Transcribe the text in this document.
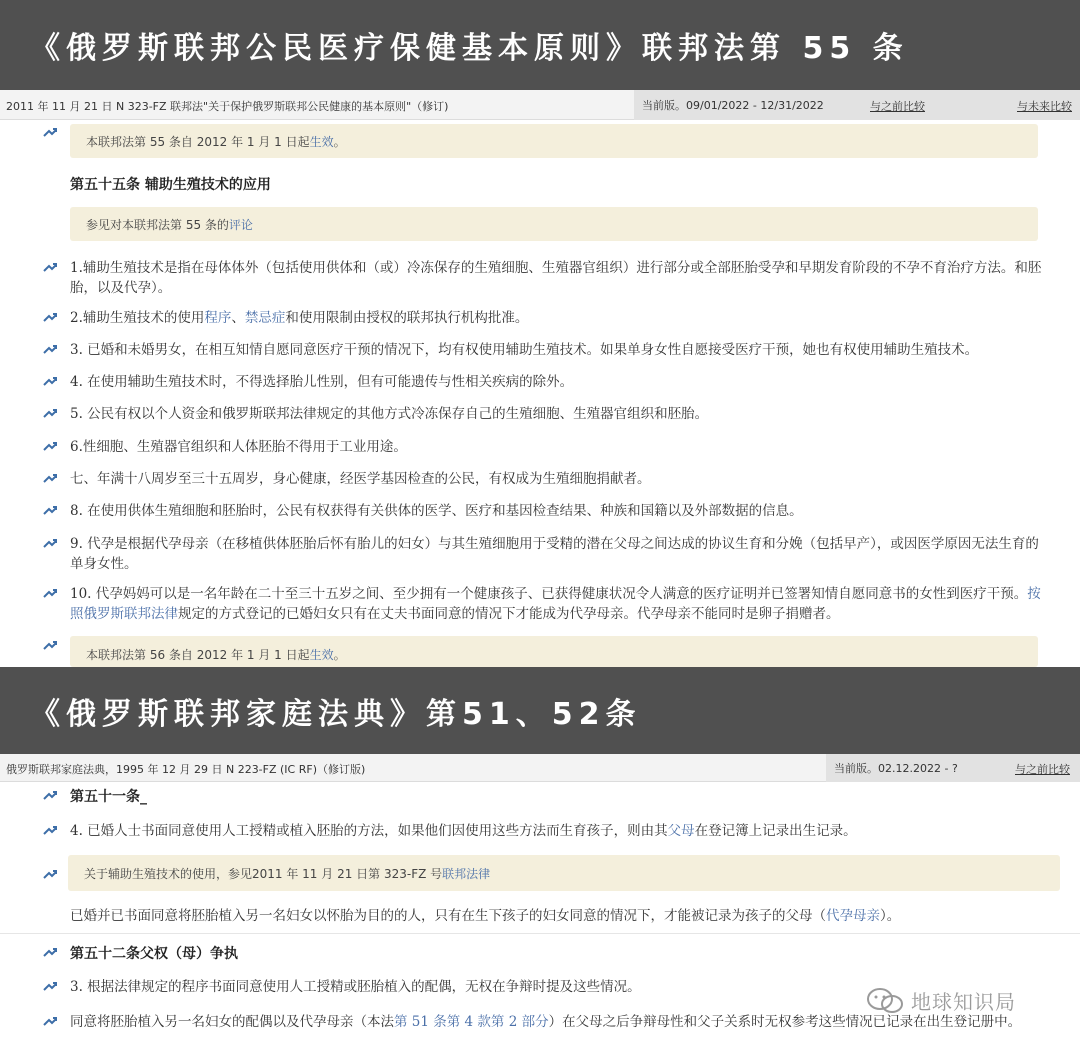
《俄罗斯联邦公民医疗保健基本原则》联邦法第 55 条
2011 年 11 月 21 日 N 323-FZ 联邦法"关于保护俄罗斯联邦公民健康的基本原则"（修订)	当前版。09/01/2022 - 12/31/2022	与之前比较	与未来比较
本联邦法第 55 条自 2012 年 1 月 1 日起 生效 。
第五十五条 辅助生殖技术的应用
参见对本联邦法第 55 条的 评论
1.辅助生殖技术是指在母体体外（包括使用供体和（或）冷冻保存的生殖细胞、生殖器官组织）进行部分或全部胚胎受孕和早期发育阶段的不孕不育治疗方法。和胚胎，以及代孕）。
2.辅助生殖技术的使用程序、禁忌症和使用限制由授权的联邦执行机构批准。
3. 已婚和未婚男女，在相互知情自愿同意医疗干预的情况下，均有权使用辅助生殖技术。如果单身女性自愿接受医疗干预，她也有权使用辅助生殖技术。
4. 在使用辅助生殖技术时，不得选择胎儿性别，但有可能遗传与性相关疾病的除外。
5. 公民有权以个人资金和俄罗斯联邦法律规定的其他方式冷冻保存自己的生殖细胞、生殖器官组织和胚胎。
6.性细胞、生殖器官组织和人体胚胎不得用于工业用途。
七、年满十八周岁至三十五周岁，身心健康，经医学基因检查的公民，有权成为生殖细胞捐献者。
8. 在使用供体生殖细胞和胚胎时，公民有权获得有关供体的医学、医疗和基因检查结果、种族和国籍以及外部数据的信息。
9. 代孕是根据代孕母亲（在移植供体胚胎后怀有胎儿的妇女）与其生殖细胞用于受精的潜在父母之间达成的协议生育和分娩（包括早产），或因医学原因无法生育的单身女性。
10. 代孕妈妈可以是一名年龄在二十至三十五岁之间、至少拥有一个健康孩子、已获得健康状况令人满意的医疗证明并已签署知情自愿同意书的女性到医疗干预。按照俄罗斯联邦法律规定的方式登记的已婚妇女只有在丈夫书面同意的情况下才能成为代孕母亲。代孕母亲不能同时是卵子捐赠者。
本联邦法第 56 条自 2012 年 1 月 1 日起 生效 。
《俄罗斯联邦家庭法典》第51、52条
俄罗斯联邦家庭法典，1995 年 12 月 29 日 N 223-FZ (IC RF)（修订版)	当前版。02.12.2022 - ?	与之前比较
第五十一条_
4. 已婚人士书面同意使用人工授精或植入胚胎的方法，如果他们因使用这些方法而生育孩子，则由其父母在登记簿上记录出生记录。
关于辅助生殖技术的使用，参见2011 年 11 月 21 日第 323-FZ 号 联邦法律
已婚并已书面同意将胚胎植入另一名妇女以怀胎为目的的人，只有在生下孩子的妇女同意的情况下，才能被记录为孩子的父母（代孕母亲）。
第五十二条父权（母）争执
3. 根据法律规定的程序书面同意使用人工授精或胚胎植入的配偶，无权在争辩时提及这些情况。
同意将胚胎植入另一名妇女的配偶以及代孕母亲（本法第 51 条第 4 款第 2 部分）在父母之后争辩母性和父子关系时无权参考这些情况已记录在出生登记册中。
地球知识局
